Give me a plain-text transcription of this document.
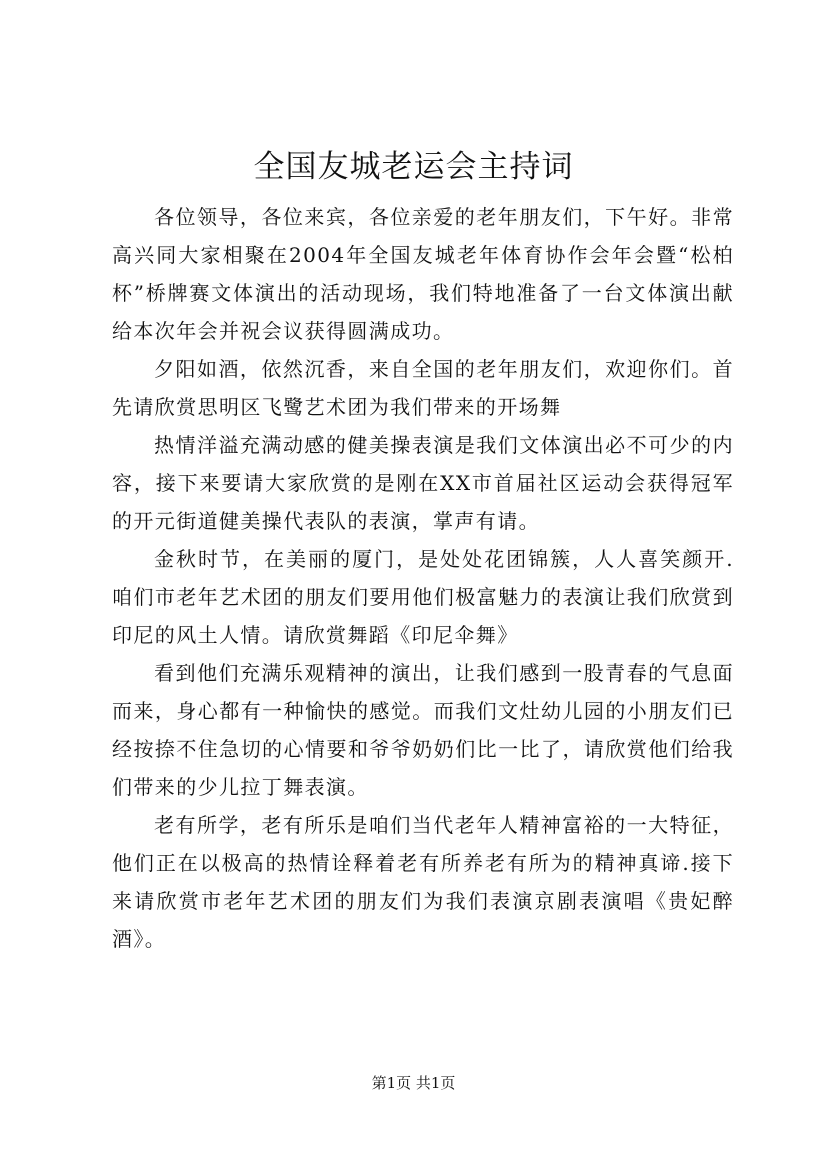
全国友城老运会主持词

各位领导，各位来宾，各位亲爱的老年朋友们，下午好。非常高兴同大家相聚在2004年全国友城老年体育协作会年会暨“松柏杯”桥牌赛文体演出的活动现场，我们特地准备了一台文体演出献给本次年会并祝会议获得圆满成功。

夕阳如酒，依然沉香，来自全国的老年朋友们，欢迎你们。首先请欣赏思明区飞鹭艺术团为我们带来的开场舞

热情洋溢充满动感的健美操表演是我们文体演出必不可少的内容，接下来要请大家欣赏的是刚在XX市首届社区运动会获得冠军的开元街道健美操代表队的表演，掌声有请。

金秋时节，在美丽的厦门，是处处花团锦簇，人人喜笑颜开.咱们市老年艺术团的朋友们要用他们极富魅力的表演让我们欣赏到印尼的风土人情。请欣赏舞蹈《印尼伞舞》

看到他们充满乐观精神的演出，让我们感到一股青春的气息面而来，身心都有一种愉快的感觉。而我们文灶幼儿园的小朋友们已经按捺不住急切的心情要和爷爷奶奶们比一比了，请欣赏他们给我们带来的少儿拉丁舞表演。

老有所学，老有所乐是咱们当代老年人精神富裕的一大特征，他们正在以极高的热情诠释着老有所养老有所为的精神真谛.接下来请欣赏市老年艺术团的朋友们为我们表演京剧表演唱《贵妃醉酒》。

第1页 共1页
